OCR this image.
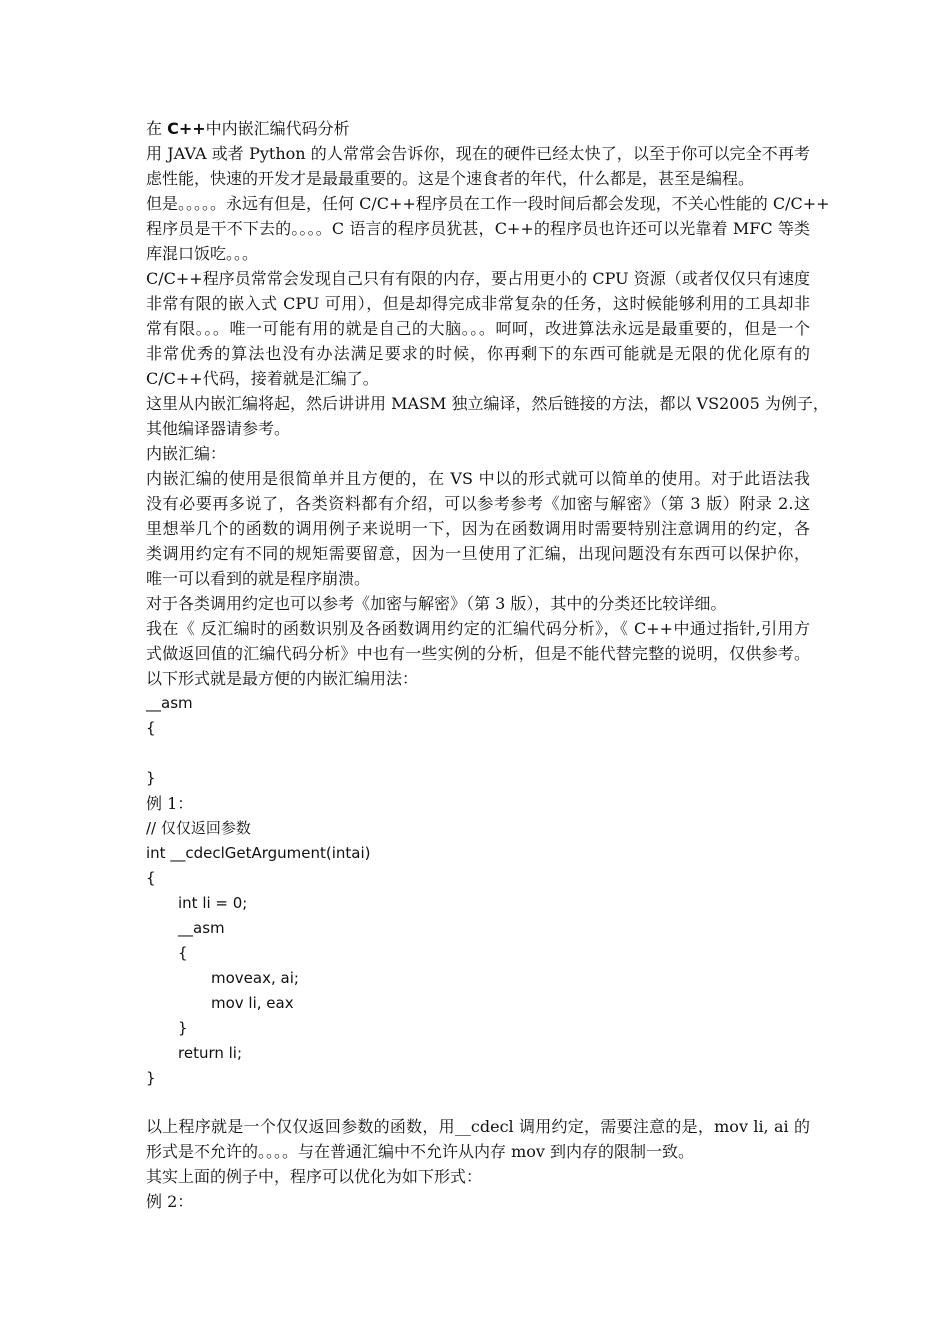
在 C++中内嵌汇编代码分析
用 JAVA 或者 Python 的人常常会告诉你，现在的硬件已经太快了，以至于你可以完全不再考
虑性能，快速的开发才是最最重要的。这是个速食者的年代，什么都是，甚至是编程。
但是。。。。。永远有但是，任何 C/C++程序员在工作一段时间后都会发现，不关心性能的 C/C++
程序员是干不下去的。。。。C 语言的程序员犹甚，C++的程序员也许还可以光靠着 MFC 等类
库混口饭吃。。。
C/C++程序员常常会发现自己只有有限的内存，要占用更小的 CPU 资源（或者仅仅只有速度
非常有限的嵌入式 CPU 可用），但是却得完成非常复杂的任务，这时候能够利用的工具却非
常有限。。。唯一可能有用的就是自己的大脑。。。呵呵，改进算法永远是最重要的，但是一个
非常优秀的算法也没有办法满足要求的时候，你再剩下的东西可能就是无限的优化原有的
C/C++代码，接着就是汇编了。
这里从内嵌汇编将起，然后讲讲用 MASM 独立编译，然后链接的方法，都以 VS2005 为例子，
其他编译器请参考。
内嵌汇编：
内嵌汇编的使用是很简单并且方便的，在 VS 中以的形式就可以简单的使用。对于此语法我
没有必要再多说了，各类资料都有介绍，可以参考参考《加密与解密》（第 3 版）附录 2.这
里想举几个的函数的调用例子来说明一下，因为在函数调用时需要特别注意调用的约定，各
类调用约定有不同的规矩需要留意，因为一旦使用了汇编，出现问题没有东西可以保护你，
唯一可以看到的就是程序崩溃。
对于各类调用约定也可以参考《加密与解密》（第 3 版），其中的分类还比较详细。
我在《 反汇编时的函数识别及各函数调用约定的汇编代码分析》，《 C++中通过指针,引用方
式做返回值的汇编代码分析》中也有一些实例的分析，但是不能代替完整的说明，仅供参考。
以下形式就是最方便的内嵌汇编用法：
__asm
{
}
例 1：
// 仅仅返回参数
int __cdeclGetArgument(intai)
{
int li = 0;
__asm
{
moveax, ai;
mov li, eax
}
return li;
}
以上程序就是一个仅仅返回参数的函数，用__cdecl 调用约定，需要注意的是，mov li, ai 的
形式是不允许的。。。。与在普通汇编中不允许从内存 mov 到内存的限制一致。
其实上面的例子中，程序可以优化为如下形式：
例 2：
